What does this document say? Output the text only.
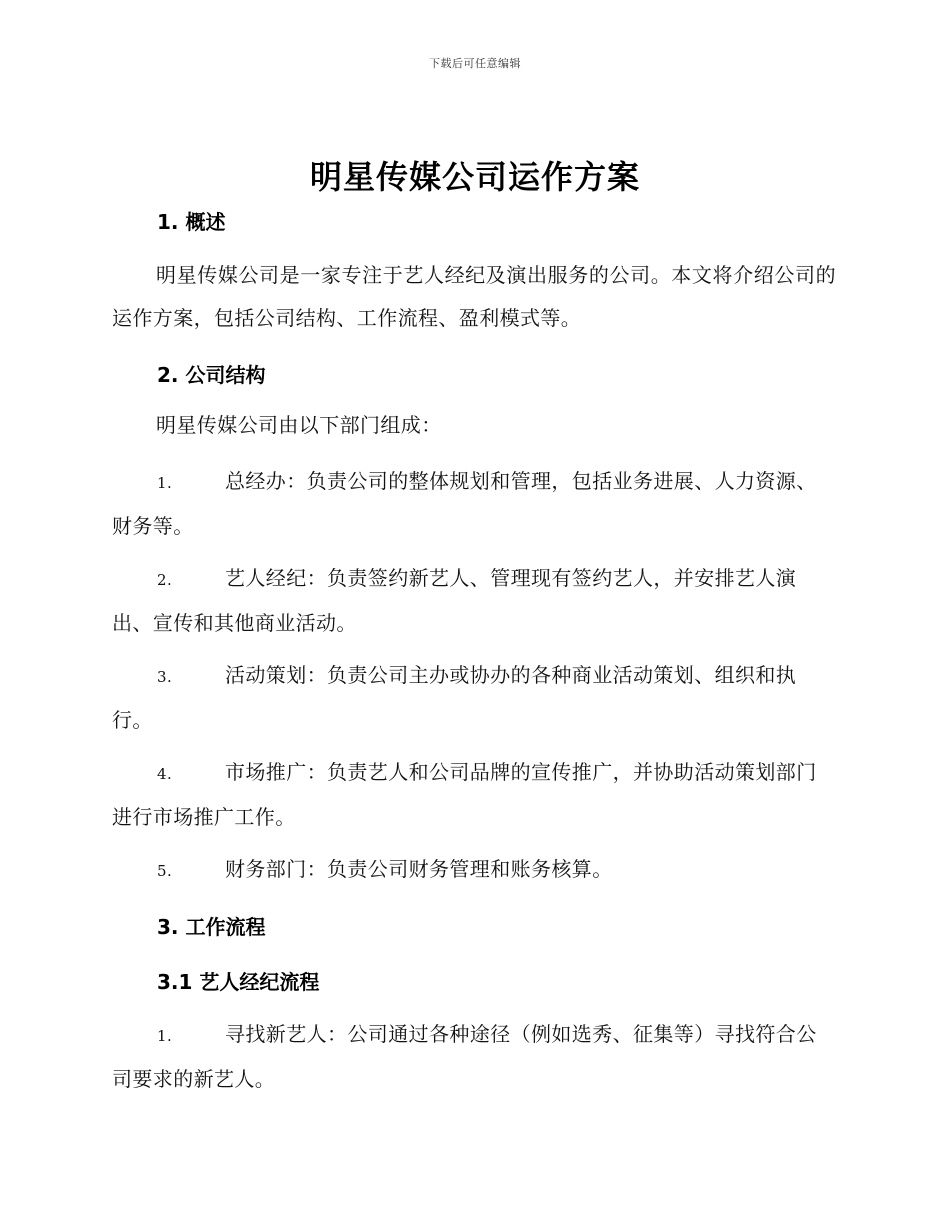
下载后可任意编辑
明星传媒公司运作方案
1. 概述
明星传媒公司是一家专注于艺人经纪及演出服务的公司。本文将介绍公司的运作方案，包括公司结构、工作流程、盈利模式等。
2. 公司结构
明星传媒公司由以下部门组成：
1.	总经办：负责公司的整体规划和管理，包括业务进展、人力资源、财务等。
2.	艺人经纪：负责签约新艺人、管理现有签约艺人，并安排艺人演出、宣传和其他商业活动。
3.	活动策划：负责公司主办或协办的各种商业活动策划、组织和执行。
4.	市场推广：负责艺人和公司品牌的宣传推广，并协助活动策划部门进行市场推广工作。
5.	财务部门：负责公司财务管理和账务核算。
3. 工作流程
3.1 艺人经纪流程
1.	寻找新艺人：公司通过各种途径（例如选秀、征集等）寻找符合公司要求的新艺人。
